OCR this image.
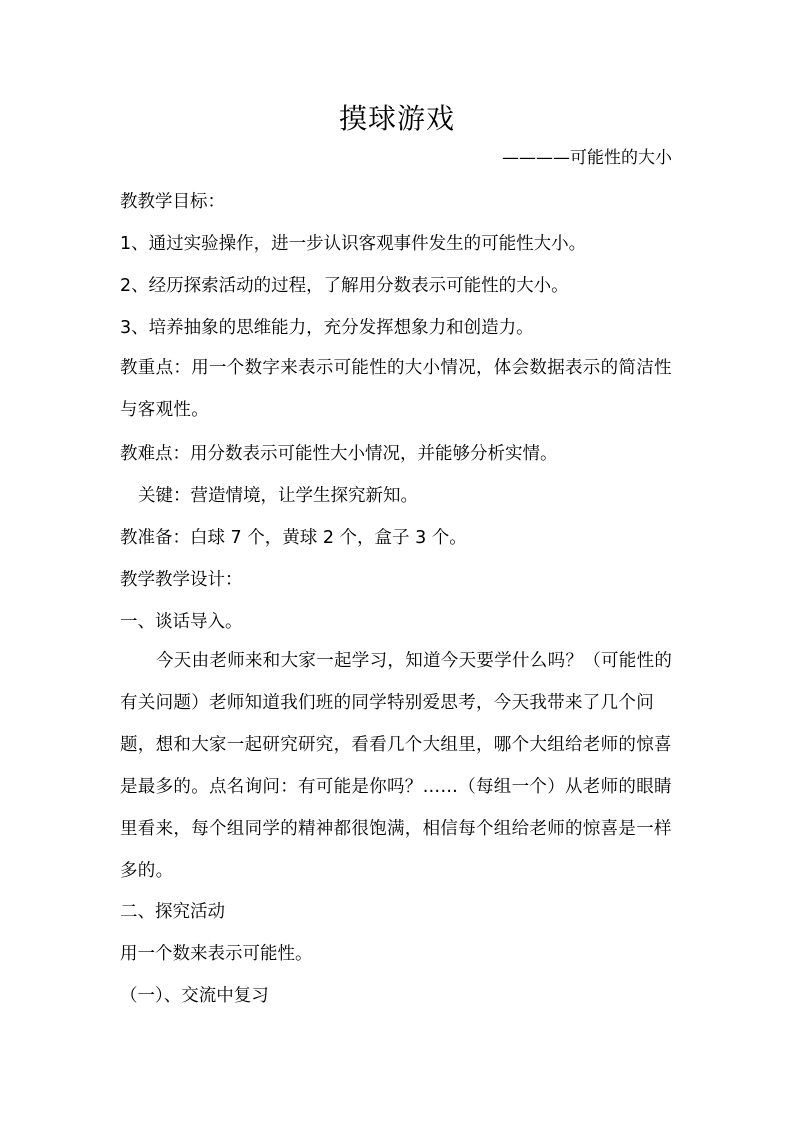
摸球游戏
————可能性的大小
教教学目标：
1、通过实验操作，进一步认识客观事件发生的可能性大小。
2、经历探索活动的过程，了解用分数表示可能性的大小。
3、培养抽象的思维能力，充分发挥想象力和创造力。
教重点：用一个数字来表示可能性的大小情况，体会数据表示的简洁性与客观性。
教难点：用分数表示可能性大小情况，并能够分析实情。
关键：营造情境，让学生探究新知。
教准备：白球 7 个，黄球 2 个，盒子 3 个。
教学教学设计：
一、谈话导入。
今天由老师来和大家一起学习，知道今天要学什么吗？（可能性的有关问题）老师知道我们班的同学特别爱思考，今天我带来了几个问题，想和大家一起研究研究，看看几个大组里，哪个大组给老师的惊喜是最多的。点名询问：有可能是你吗？……（每组一个）从老师的眼睛里看来，每个组同学的精神都很饱满，相信每个组给老师的惊喜是一样多的。
二、探究活动
用一个数来表示可能性。
（一）、交流中复习
